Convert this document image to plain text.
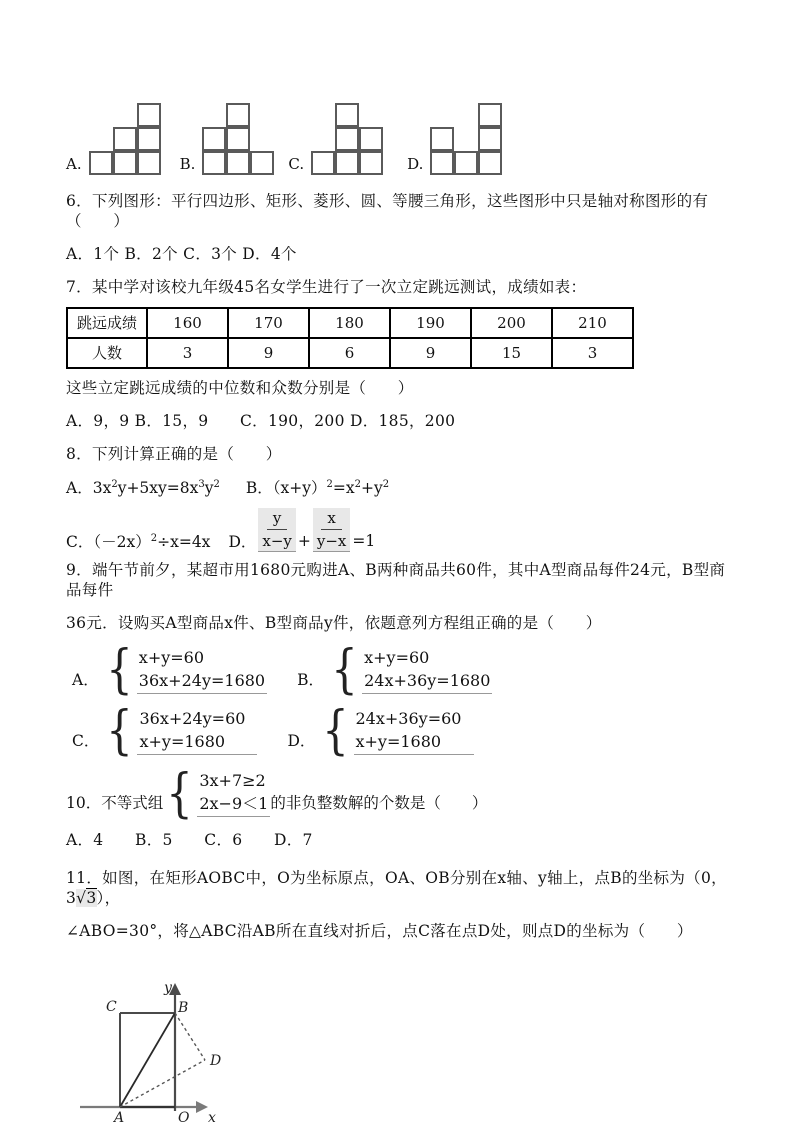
A.	B.	C.	D.

6．下列图形：平行四边形、矩形、菱形、圆、等腰三角形，这些图形中只是轴对称图形的有（　　）

A．1个 B．2个 C．3个 D．4个

7．某中学对该校九年级45名女学生进行了一次立定跳远测试，成绩如表：

跳远成绩	160	170	180	190	200	210
人数	3	9	6	9	15	3

这些立定跳远成绩的中位数和众数分别是（　　）

A．9，9 B．15，9　　C．190，200 D．185，200

8．下列计算正确的是（　　）

A．$3x^2y+5xy=8x^3y^2$ B．$(x+y)^2=x^2+y^2$
C．$(-2x)^2\div x=4x$ D． $\frac{y}{x-y} + \frac{x}{y-x} =1$

9．端午节前夕，某超市用1680元购进A、B两种商品共60件，其中A型商品每件24元，B型商品每件

36元．设购买A型商品x件、B型商品y件，依题意列方程组正确的是（　　）

A． { x+y=60
36x+24y=1680 B． { x+y=60
24x+36y=1680
C． { 36x+24y=60
x+y=1680	D． { 24x+36y=60
x+y=1680
10．不等式组 { 3x+7≥2
2x−9＜1 的非负整数解的个数是（　　）

A．4　　B．5　　C．6　　D．7

11．如图，在矩形AOBC中，O为坐标原点，OA、OB分别在x轴、y轴上，点B的坐标为（0，3√3），

∠ABO=30°，将△ABC沿AB所在直线对折后，点C落在点D处，则点D的坐标为（　　）

C
y
B
D
A	O x
